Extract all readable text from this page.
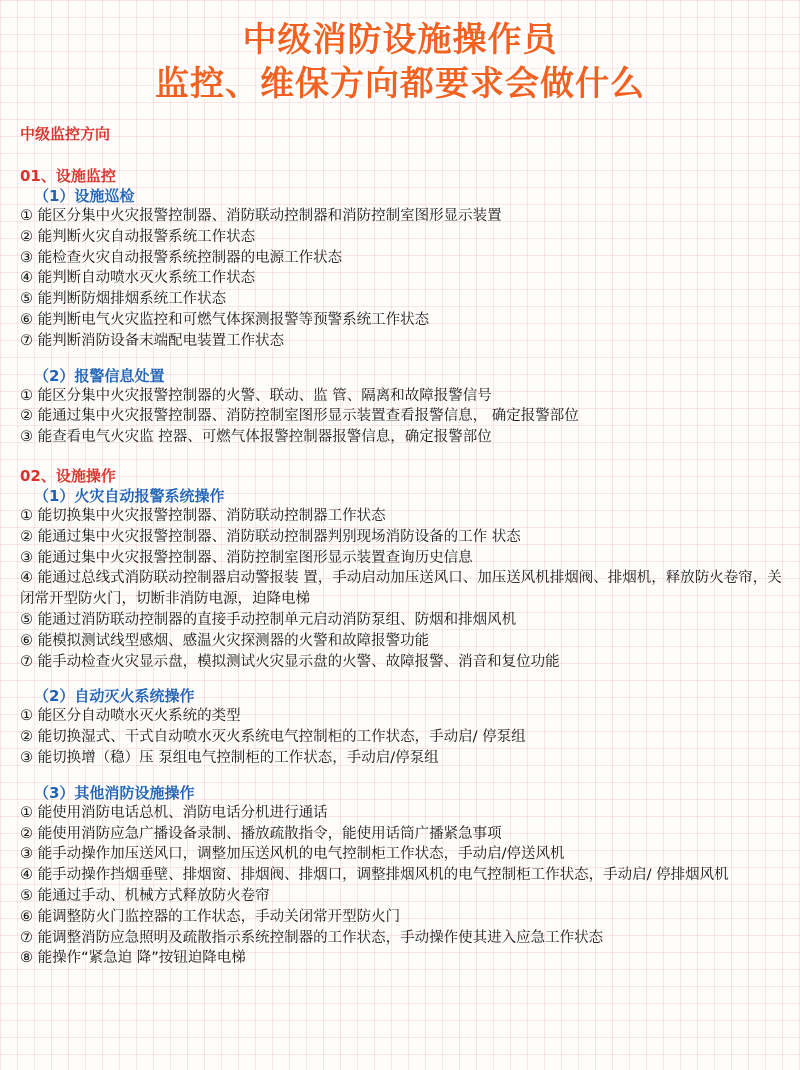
中级消防设施操作员
监控、维保方向都要求会做什么
中级监控方向
01、设施监控
（1）设施巡检
① 能区分集中火灾报警控制器、消防联动控制器和消防控制室图形显示装置
② 能判断火灾自动报警系统工作状态
③ 能检查火灾自动报警系统控制器的电源工作状态
④ 能判断自动喷水灭火系统工作状态
⑤ 能判断防烟排烟系统工作状态
⑥ 能判断电气火灾监控和可燃气体探测报警等预警系统工作状态
⑦ 能判断消防设备末端配电装置工作状态
（2）报警信息处置
① 能区分集中火灾报警控制器的火警、联动、监 管、隔离和故障报警信号
② 能通过集中火灾报警控制器、消防控制室图形显示装置查看报警信息， 确定报警部位
③ 能查看电气火灾监 控器、可燃气体报警控制器报警信息，确定报警部位
02、设施操作
（1）火灾自动报警系统操作
① 能切换集中火灾报警控制器、消防联动控制器工作状态
② 能通过集中火灾报警控制器、消防联动控制器判别现场消防设备的工作 状态
③ 能通过集中火灾报警控制器、消防控制室图形显示装置查询历史信息
④ 能通过总线式消防联动控制器启动警报装 置，手动启动加压送风口、加压送风机排烟阀、排烟机，释放防火卷帘，关闭常开型防火门，切断非消防电源，迫降电梯
⑤ 能通过消防联动控制器的直接手动控制单元启动消防泵组、防烟和排烟风机
⑥ 能模拟测试线型感烟、感温火灾探测器的火警和故障报警功能
⑦ 能手动检查火灾显示盘，模拟测试火灾显示盘的火警、故障报警、消音和复位功能
（2）自动灭火系统操作
① 能区分自动喷水灭火系统的类型
② 能切换湿式、干式自动喷水灭火系统电气控制柜的工作状态，手动启/ 停泵组
③ 能切换增（稳）压 泵组电气控制柜的工作状态，手动启/停泵组
（3）其他消防设施操作
① 能使用消防电话总机、消防电话分机进行通话
② 能使用消防应急广播设备录制、播放疏散指令，能使用话筒广播紧急事项
③ 能手动操作加压送风口，调整加压送风机的电气控制柜工作状态，手动启/停送风机
④ 能手动操作挡烟垂壁、排烟窗、排烟阀、排烟口，调整排烟风机的电气控制柜工作状态，手动启/ 停排烟风机
⑤ 能通过手动、机械方式释放防火卷帘
⑥ 能调整防火门监控器的工作状态，手动关闭常开型防火门
⑦ 能调整消防应急照明及疏散指示系统控制器的工作状态，手动操作使其进入应急工作状态
⑧ 能操作“紧急迫 降”按钮迫降电梯
